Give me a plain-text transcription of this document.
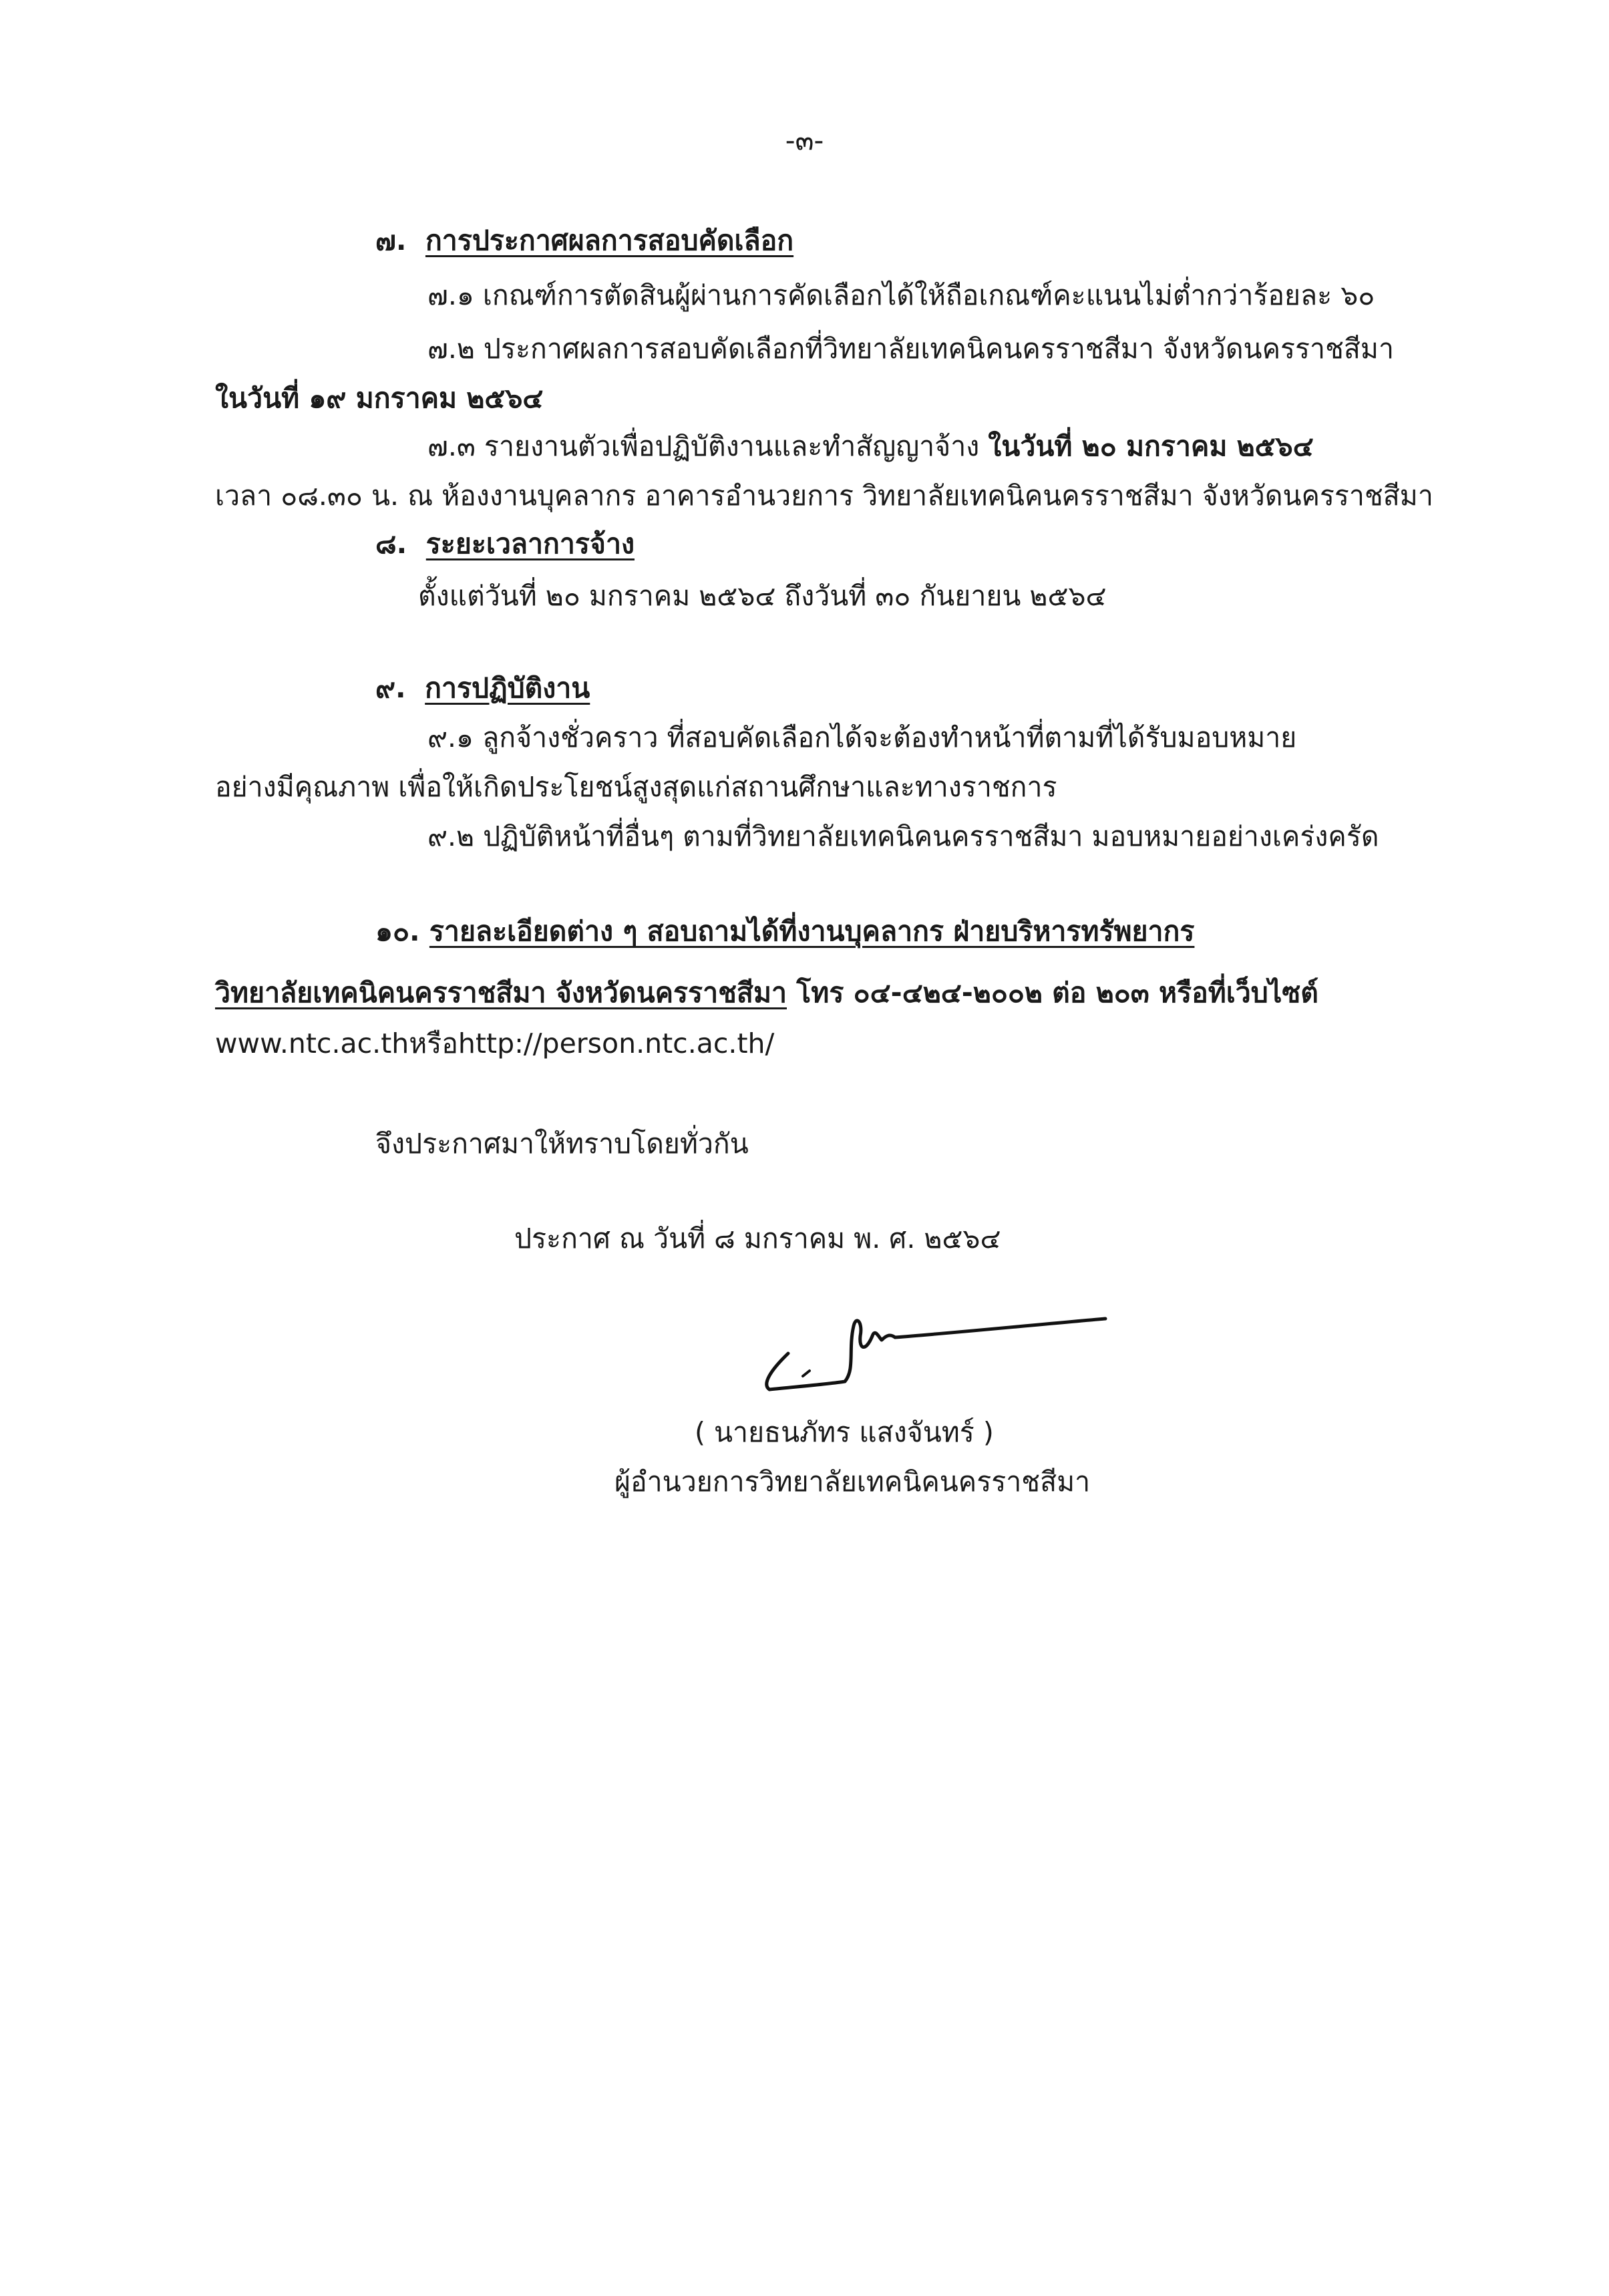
-๓-
๗. การประกาศผลการสอบคัดเลือก
๗.๑ เกณฑ์การตัดสินผู้ผ่านการคัดเลือกได้ให้ถือเกณฑ์คะแนนไม่ต่ำกว่าร้อยละ ๖๐
๗.๒ ประกาศผลการสอบคัดเลือกที่วิทยาลัยเทคนิคนครราชสีมา จังหวัดนครราชสีมา
ในวันที่ ๑๙ มกราคม ๒๕๖๔
๗.๓ รายงานตัวเพื่อปฏิบัติงานและทำสัญญาจ้าง ในวันที่ ๒๐ มกราคม ๒๕๖๔
เวลา ๐๘.๓๐ น. ณ ห้องงานบุคลากร อาคารอำนวยการ วิทยาลัยเทคนิคนครราชสีมา จังหวัดนครราชสีมา
๘. ระยะเวลาการจ้าง
ตั้งแต่วันที่ ๒๐ มกราคม ๒๕๖๔ ถึงวันที่ ๓๐ กันยายน ๒๕๖๔
๙. การปฏิบัติงาน
๙.๑ ลูกจ้างชั่วคราว ที่สอบคัดเลือกได้จะต้องทำหน้าที่ตามที่ได้รับมอบหมาย
อย่างมีคุณภาพ เพื่อให้เกิดประโยชน์สูงสุดแก่สถานศึกษาและทางราชการ
๙.๒ ปฏิบัติหน้าที่อื่นๆ ตามที่วิทยาลัยเทคนิคนครราชสีมา มอบหมายอย่างเคร่งครัด
๑๐. รายละเอียดต่าง ๆ สอบถามได้ที่งานบุคลากร ฝ่ายบริหารทรัพยากร
วิทยาลัยเทคนิคนครราชสีมา จังหวัดนครราชสีมา โทร ๐๔-๔๒๔-๒๐๐๒ ต่อ ๒๐๓ หรือที่เว็บไซต์
www.ntc.ac.thหรือhttp://person.ntc.ac.th/
จึงประกาศมาให้ทราบโดยทั่วกัน
ประกาศ ณ วันที่ ๘ มกราคม พ. ศ. ๒๕๖๔
( นายธนภัทร แสงจันทร์ )
ผู้อำนวยการวิทยาลัยเทคนิคนครราชสีมา
